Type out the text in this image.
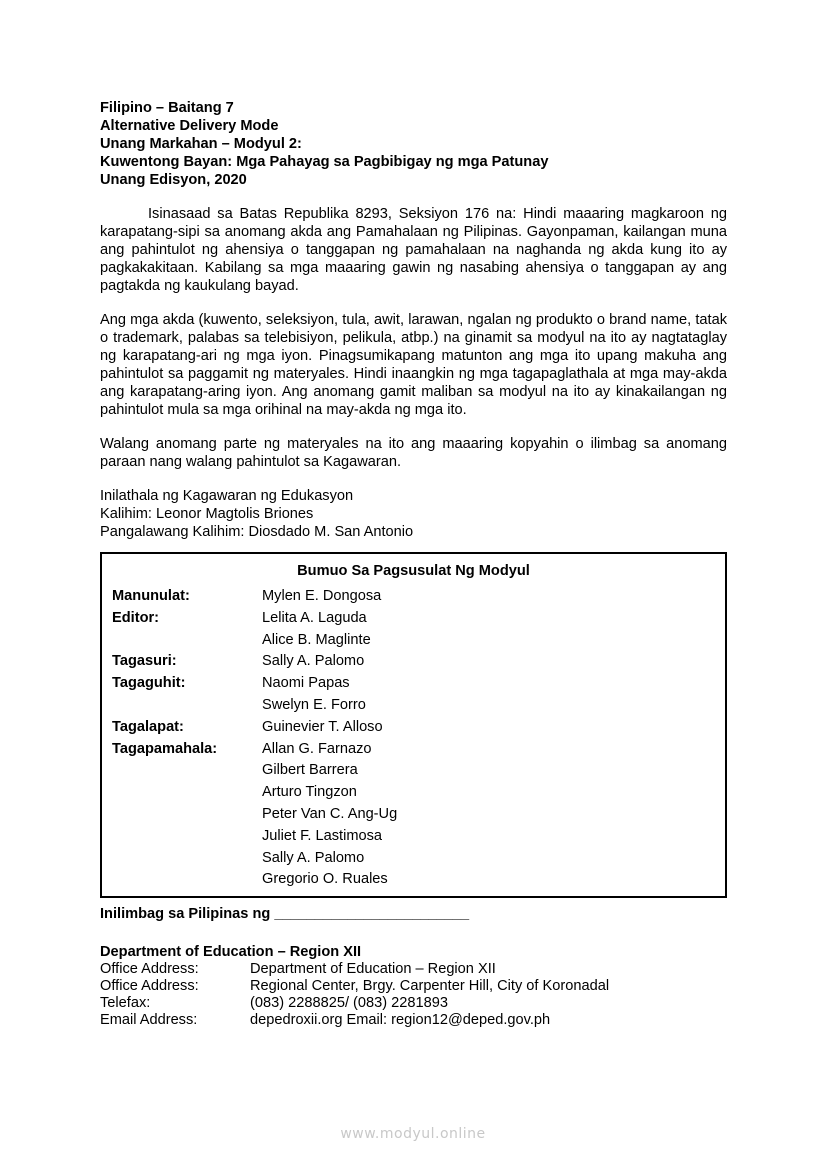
Filipino – Baitang 7
Alternative Delivery Mode
Unang Markahan – Modyul 2:
Kuwentong Bayan: Mga Pahayag sa Pagbibigay ng mga Patunay
Unang Edisyon, 2020

Isinasaad sa Batas Republika 8293, Seksiyon 176 na: Hindi maaaring magkaroon ng karapatang-sipi sa anomang akda ang Pamahalaan ng Pilipinas. Gayonpaman, kailangan muna ang pahintulot ng ahensiya o tanggapan ng pamahalaan na naghanda ng akda kung ito ay pagkakakitaan. Kabilang sa mga maaaring gawin ng nasabing ahensiya o tanggapan ay ang pagtakda ng kaukulang bayad.

Ang mga akda (kuwento, seleksiyon, tula, awit, larawan, ngalan ng produkto o brand name, tatak o trademark, palabas sa telebisiyon, pelikula, atbp.) na ginamit sa modyul na ito ay nagtataglay ng karapatang-ari ng mga iyon. Pinagsumikapang matunton ang mga ito upang makuha ang pahintulot sa paggamit ng materyales. Hindi inaangkin ng mga tagapaglathala at mga may-akda ang karapatang-aring iyon. Ang anomang gamit maliban sa modyul na ito ay kinakailangan ng pahintulot mula sa mga orihinal na may-akda ng mga ito.

Walang anomang parte ng materyales na ito ang maaaring kopyahin o ilimbag sa anomang paraan nang walang pahintulot sa Kagawaran.

Inilathala ng Kagawaran ng Edukasyon
Kalihim: Leonor Magtolis Briones
Pangalawang Kalihim: Diosdado M. San Antonio
Bumuo Sa Pagsusulat Ng Modyul
Manunulat:	Mylen E. Dongosa
Editor:	Lelita A. Laguda
Alice B. Maglinte
Tagasuri:	Sally A. Palomo
Tagaguhit:	Naomi Papas
Swelyn E. Forro
Tagalapat:	Guinevier T. Alloso
Tagapamahala:	Allan G. Farnazo
Gilbert Barrera
Arturo Tingzon
Peter Van C. Ang-Ug
Juliet F. Lastimosa
Sally A. Palomo
Gregorio O. Ruales
Inilimbag sa Pilipinas ng ________________________
Department of Education – Region XII
Office Address:	Department of Education – Region XII
Office Address:	Regional Center, Brgy. Carpenter Hill, City of Koronadal
Telefax:	(083) 2288825/ (083) 2281893
Email Address:	depedroxii.org Email: region12@deped.gov.ph
www.modyul.online
